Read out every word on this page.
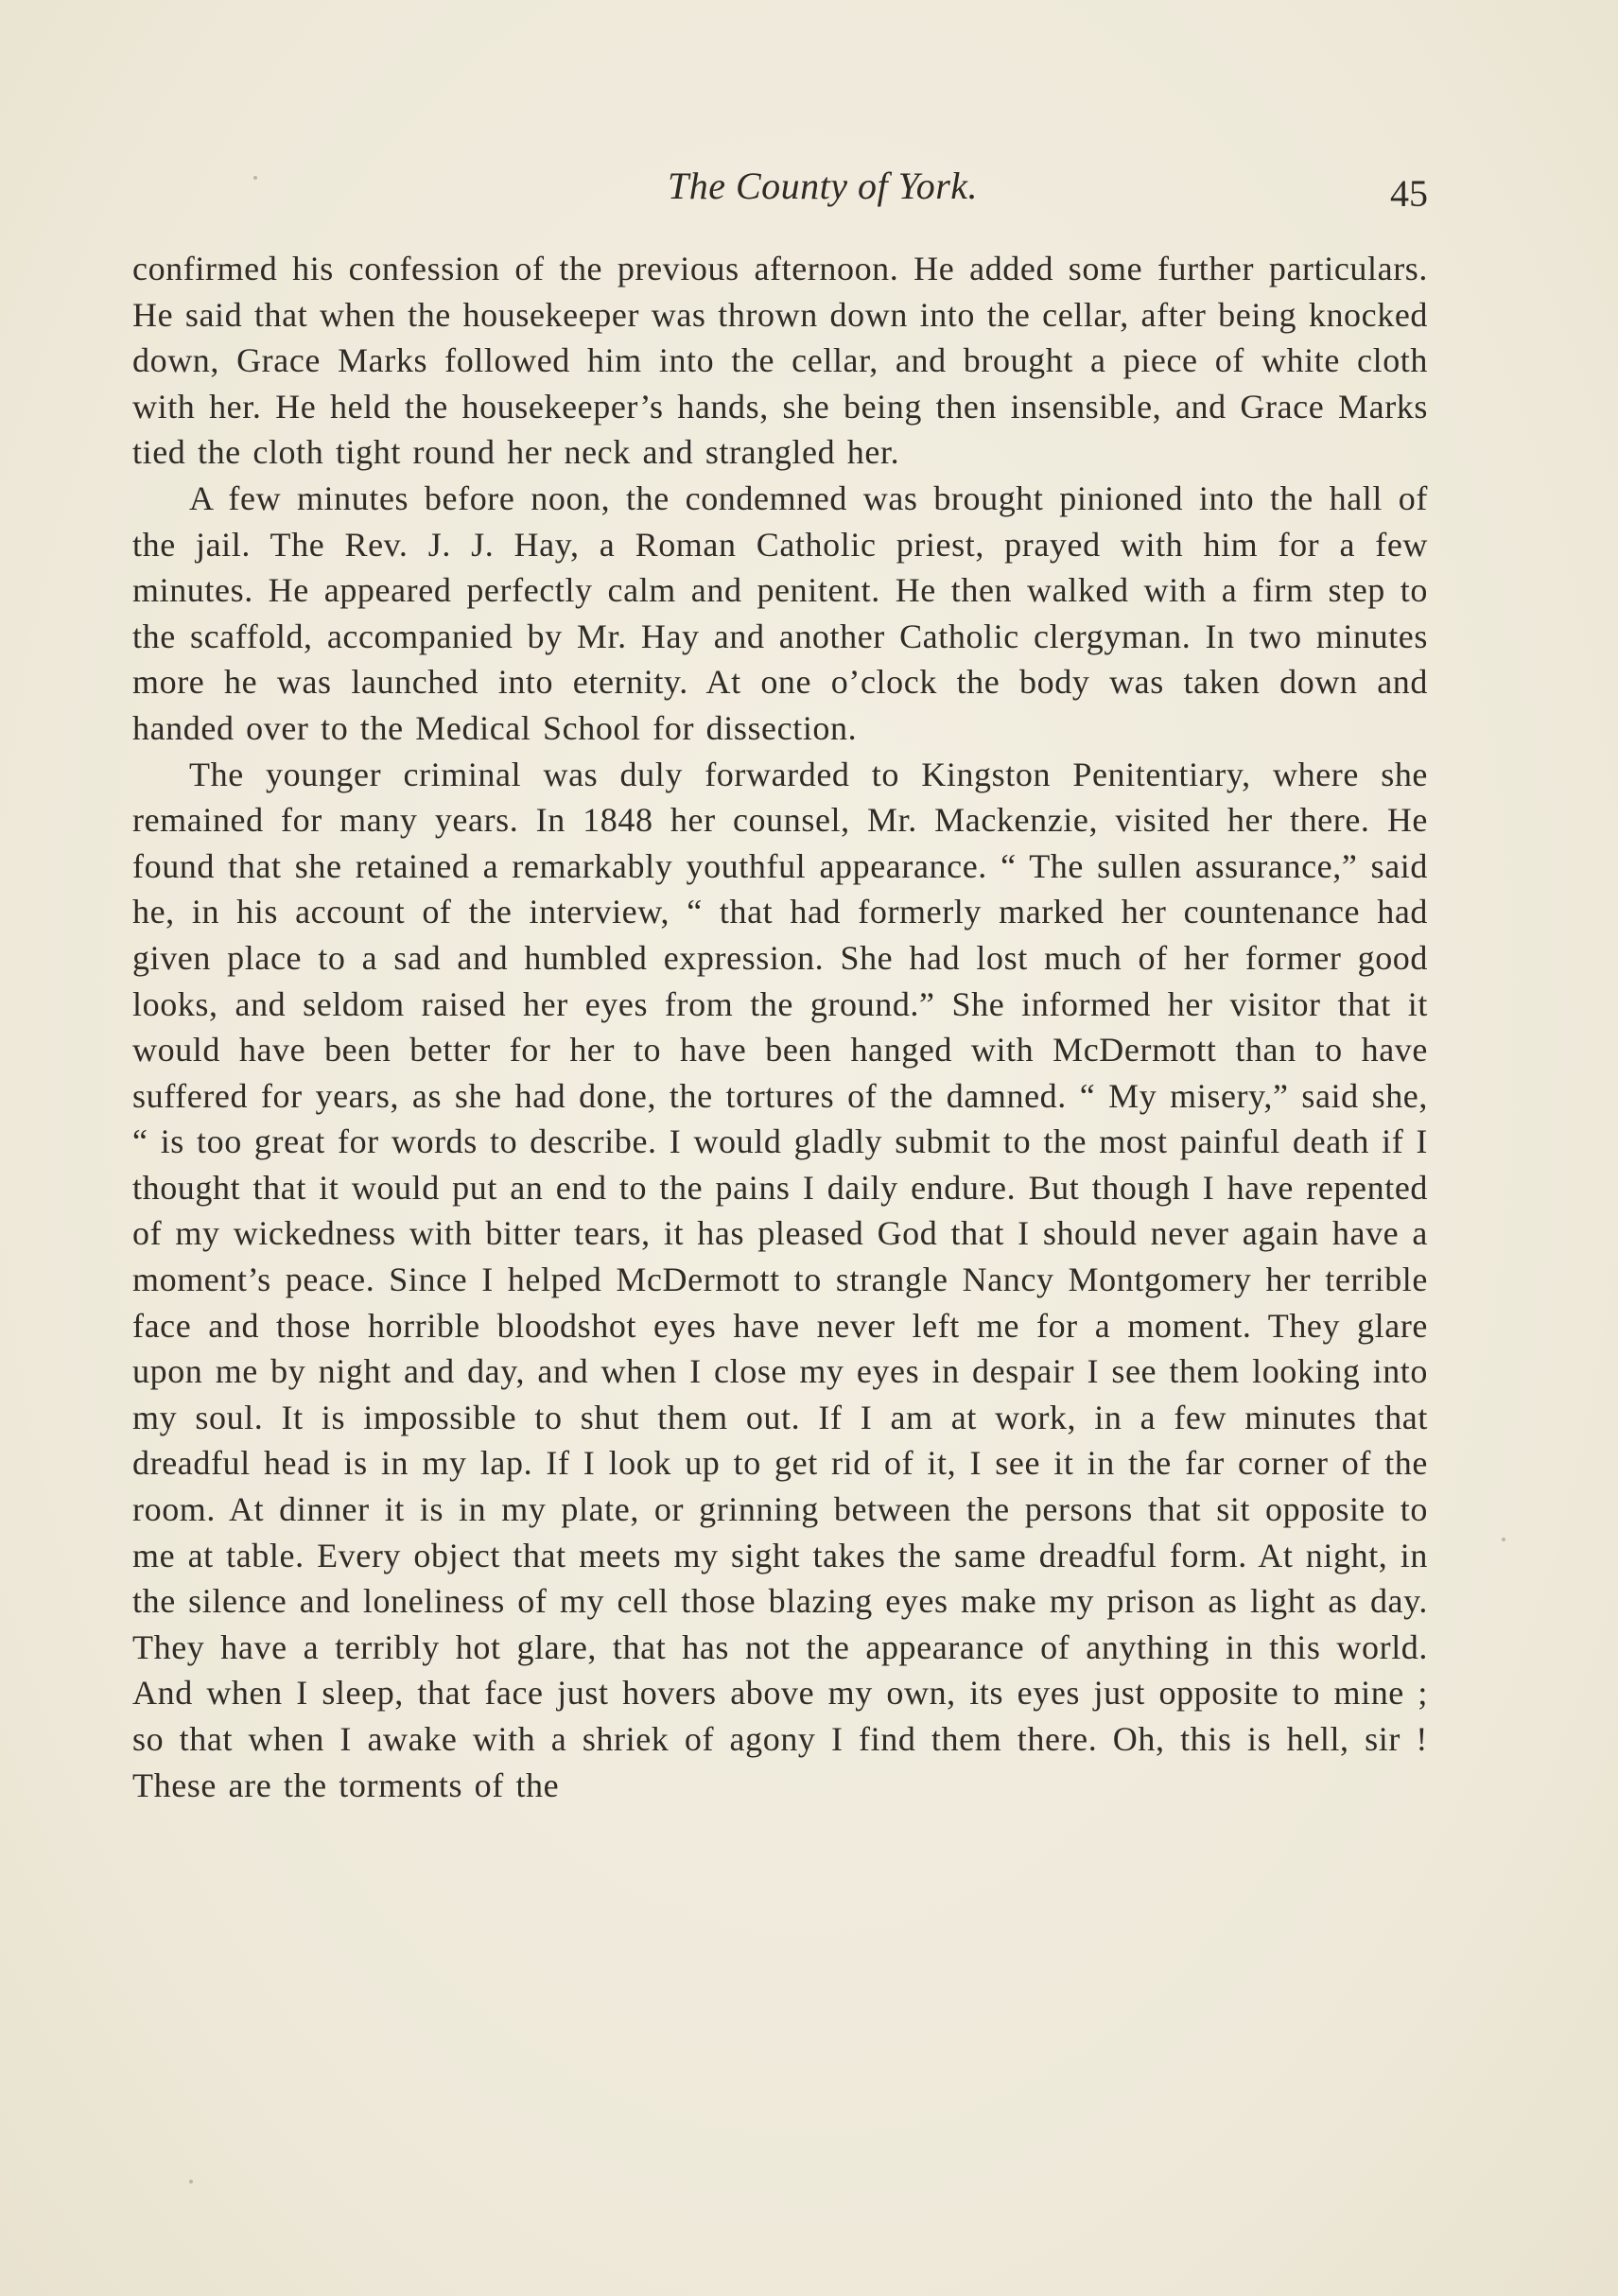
The County of York.	45

confirmed his confession of the previous afternoon. He added some further particulars. He said that when the housekeeper was thrown down into the cellar, after being knocked down, Grace Marks followed him into the cellar, and brought a piece of white cloth with her. He held the housekeeper’s hands, she being then insensible, and Grace Marks tied the cloth tight round her neck and strangled her.

A few minutes before noon, the condemned was brought pinioned into the hall of the jail. The Rev. J. J. Hay, a Roman Catholic priest, prayed with him for a few minutes. He appeared perfectly calm and penitent. He then walked with a firm step to the scaffold, accompanied by Mr. Hay and another Catholic clergyman. In two minutes more he was launched into eternity. At one o’clock the body was taken down and handed over to the Medical School for dissection.

The younger criminal was duly forwarded to Kingston Penitentiary, where she remained for many years. In 1848 her counsel, Mr. Mackenzie, visited her there. He found that she retained a remarkably youthful appearance. “ The sullen assurance,” said he, in his account of the interview, “ that had formerly marked her countenance had given place to a sad and humbled expression. She had lost much of her former good looks, and seldom raised her eyes from the ground.” She informed her visitor that it would have been better for her to have been hanged with McDermott than to have suffered for years, as she had done, the tortures of the damned. “ My misery,” said she, “ is too great for words to describe. I would gladly submit to the most painful death if I thought that it would put an end to the pains I daily endure. But though I have repented of my wickedness with bitter tears, it has pleased God that I should never again have a moment’s peace. Since I helped McDermott to strangle Nancy Montgomery her terrible face and those horrible bloodshot eyes have never left me for a moment. They glare upon me by night and day, and when I close my eyes in despair I see them looking into my soul. It is impossible to shut them out. If I am at work, in a few minutes that dreadful head is in my lap. If I look up to get rid of it, I see it in the far corner of the room. At dinner it is in my plate, or grinning between the persons that sit opposite to me at table. Every object that meets my sight takes the same dreadful form. At night, in the silence and loneliness of my cell those blazing eyes make my prison as light as day. They have a terribly hot glare, that has not the appearance of anything in this world. And when I sleep, that face just hovers above my own, its eyes just opposite to mine ; so that when I awake with a shriek of agony I find them there. Oh, this is hell, sir ! These are the torments of the
